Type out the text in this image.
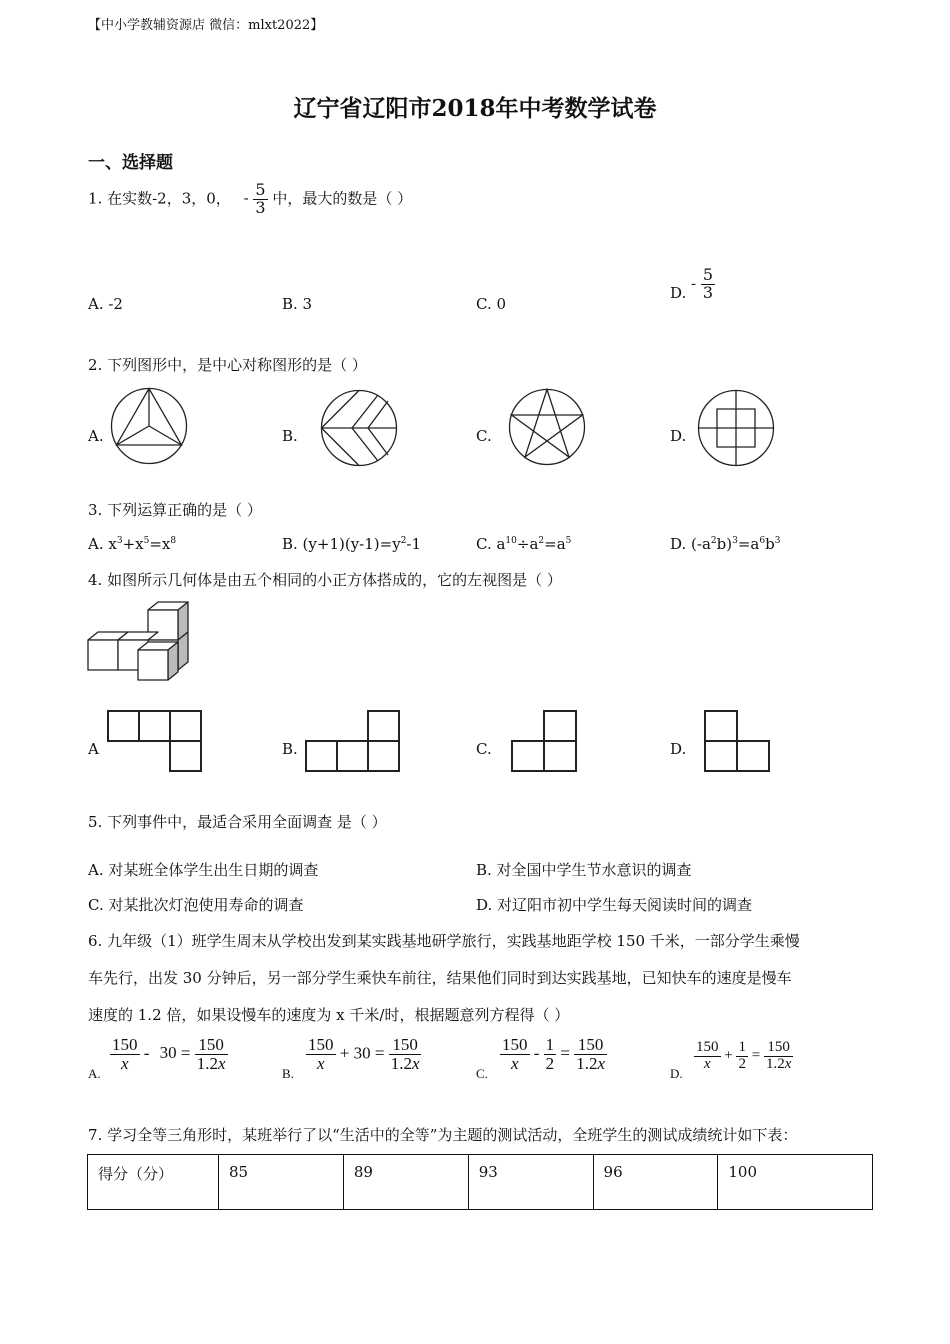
【中小学教辅资源店 微信：mlxt2022】
辽宁省辽阳市2018年中考数学试卷
一、选择题
1. 在实数-2，3，0， - $\frac{5}{3}$ 中，最大的数是（ ）
A. -2	B. 3	C. 0
D. - $\frac{5}{3}$
2. 下列图形中，是中心对称图形的是（ ）
A.	B.	C.	D.
3. 下列运算正确的是（ ）
A. $x^3+x^5=x^8$	B. $(y+1)(y-1)=y^2-1$	C. $a^{10}\div a^2=a^5$	D. $(-a^2b)^3=a^6b^3$
4. 如图所示几何体是由五个相同的小正方体搭成的，它的左视图是（ ）
A	B.	C.	D.
5. 下列事件中，最适合采用全面调查 是（ ）
A. 对某班全体学生出生日期的调查	B. 对全国中学生节水意识的调查
C. 对某批次灯泡使用寿命的调查	D. 对辽阳市初中学生每天阅读时间的调查
6. 九年级（1）班学生周末从学校出发到某实践基地研学旅行，实践基地距学校 150 千米，一部分学生乘慢
车先行，出发 30 分钟后，另一部分学生乘快车前往，结果他们同时到达实践基地，已知快车的速度是慢车
速度的 1.2 倍，如果设慢车的速度为 x 千米/时，根据题意列方程得（ ）
A.	B.	C.	D.
$\frac{150}{x} - 30 = \frac{150}{1.2x}$	$\frac{150}{x} + 30 = \frac{150}{1.2x}$	$\frac{150}{x} - \frac{1}{2} = \frac{150}{1.2x}$	$\frac{150}{x} + \frac{1}{2} = \frac{150}{1.2x}$
7. 学习全等三角形时，某班举行了以“生活中的全等”为主题的测试活动，全班学生的测试成绩统计如下表：
得分（分）	85	89	93	96	100
